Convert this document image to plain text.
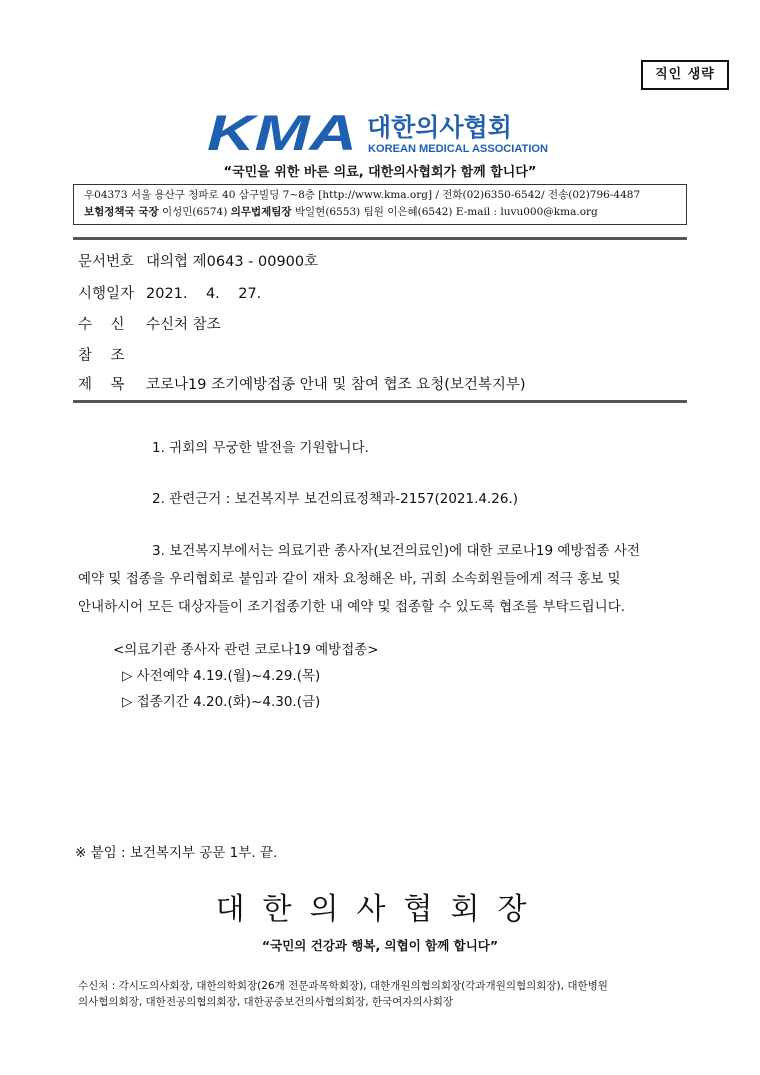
직인 생략
KMA 대한의사협회
KOREAN MEDICAL ASSOCIATION
“국민을 위한 바른 의료, 대한의사협회가 함께 합니다”
우04373 서울 용산구 청파로 40 삼구빌딩 7~8층 [http://www.kma.org] / 전화(02)6350-6542/ 전송(02)796-4487
보험정책국 국장 이성민(6574) 의무법제팀장 박일현(6553) 팀원 이은혜(6542) E-mail : luvu000@kma.org
문서번호 대의협 제0643 - 00900호
시행일자 2021.    4.    27.
수    신 수신처 참조
참    조
제    목 코로나19 조기예방접종 안내 및 참여 협조 요청(보건복지부)
1. 귀회의 무궁한 발전을 기원합니다.
2. 관련근거 : 보건복지부 보건의료정책과-2157(2021.4.26.)
3. 보건복지부에서는 의료기관 종사자(보건의료인)에 대한 코로나19 예방접종 사전
예약 및 접종을 우리협회로 붙임과 같이 재차 요청해온 바, 귀회 소속회원들에게 적극 홍보 및
안내하시어 모든 대상자들이 조기접종기한 내 예약 및 접종할 수 있도록 협조를 부탁드립니다.
<의료기관 종사자 관련 코로나19 예방접종>
▷ 사전예약 4.19.(월)~4.29.(목)
▷ 접종기간 4.20.(화)~4.30.(금)
※ 붙임 : 보건복지부 공문 1부. 끝.
대한의사협회장
“국민의 건강과 행복, 의협이 함께 합니다”
수신처 : 각시도의사회장, 대한의학회장(26개 전문과목학회장), 대한개원의협의회장(각과개원의협의회장), 대한병원
의사협의회장, 대한전공의협의회장, 대한공중보건의사협의회장, 한국여자의사회장
